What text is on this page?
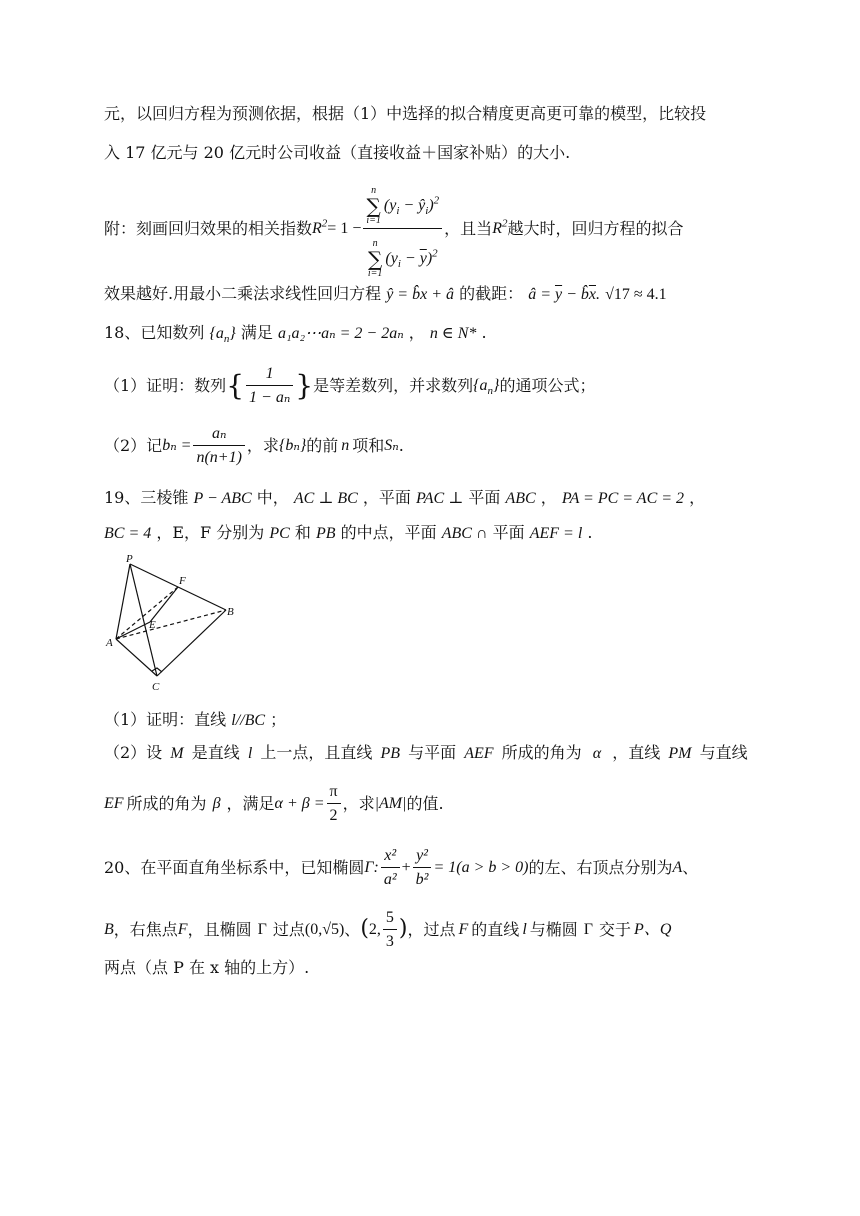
元，以回归方程为预测依据，根据（1）中选择的拟合精度更高更可靠的模型，比较投
入 17 亿元与 20 亿元时公司收益（直接收益＋国家补贴）的大小.
附：刻画回归效果的相关指数 $R^2 = 1 - n$
∑
i=1
($y_i$ − $ŷ_i)^2$
n
∑
i=1
$(y_i - \overline{y})^2$ ，且当 $R^2$ 越大时，回归方程的拟合
效果越好.用最小二乘法求线性回归方程 ŷ = b̂x + â 的截距： â = $\overline{y}$ − $b̂\overline{x}$. √17 ≈ 4.1
18、已知数列 $\{a_n\}$ 满足 a₁a₂⋯aₙ = 2 − 2aₙ ， n ∈ N* .
（1）证明：数列 { $\frac{1}{\text{1 − aₙ}}$ } 是等差数列，并求数列 $\{a_n\}$ 的通项公式；
（2）记 $b_n = \frac{\text{aₙ}}{n(n+1)}$ ，求 {bₙ} 的前 n 项和 Sₙ .
19、三棱锥 P − ABC 中， AC ⊥ BC ，平面 PAC ⊥ 平面 ABC ， PA = PC = AC = 2 ，
BC = 4 ，E，F 分别为 PC 和 PB 的中点，平面 ABC ∩ 平面 AEF = l .
P
F
B
E
A
C
（1）证明：直线 l//BC ；
（2）设 M 是直线 l 上一点，且直线 PB 与平面 AEF 所成的角为 α ，直线 PM 与直线
EF 所成的角为 β ，满足 $\alpha + \beta = \frac{\pi}{2}$ ，求 |AM| 的值.
20、在平面直角坐标系中，已知椭圆 Γ: $\frac{\text{x²}}{\text{a²}} + \frac{\text{y²}}{\text{b²}} = 1(a > b > 0)$ 的左、右顶点分别为 A 、
B ，右焦点 F ，且椭圆 Γ 过点 (0,√5) 、 ( 2, $\frac{5}{3}$ ) ，过点 F 的直线 l 与椭圆 Γ 交于 P、Q
两点（点 P 在 x 轴的上方）.
